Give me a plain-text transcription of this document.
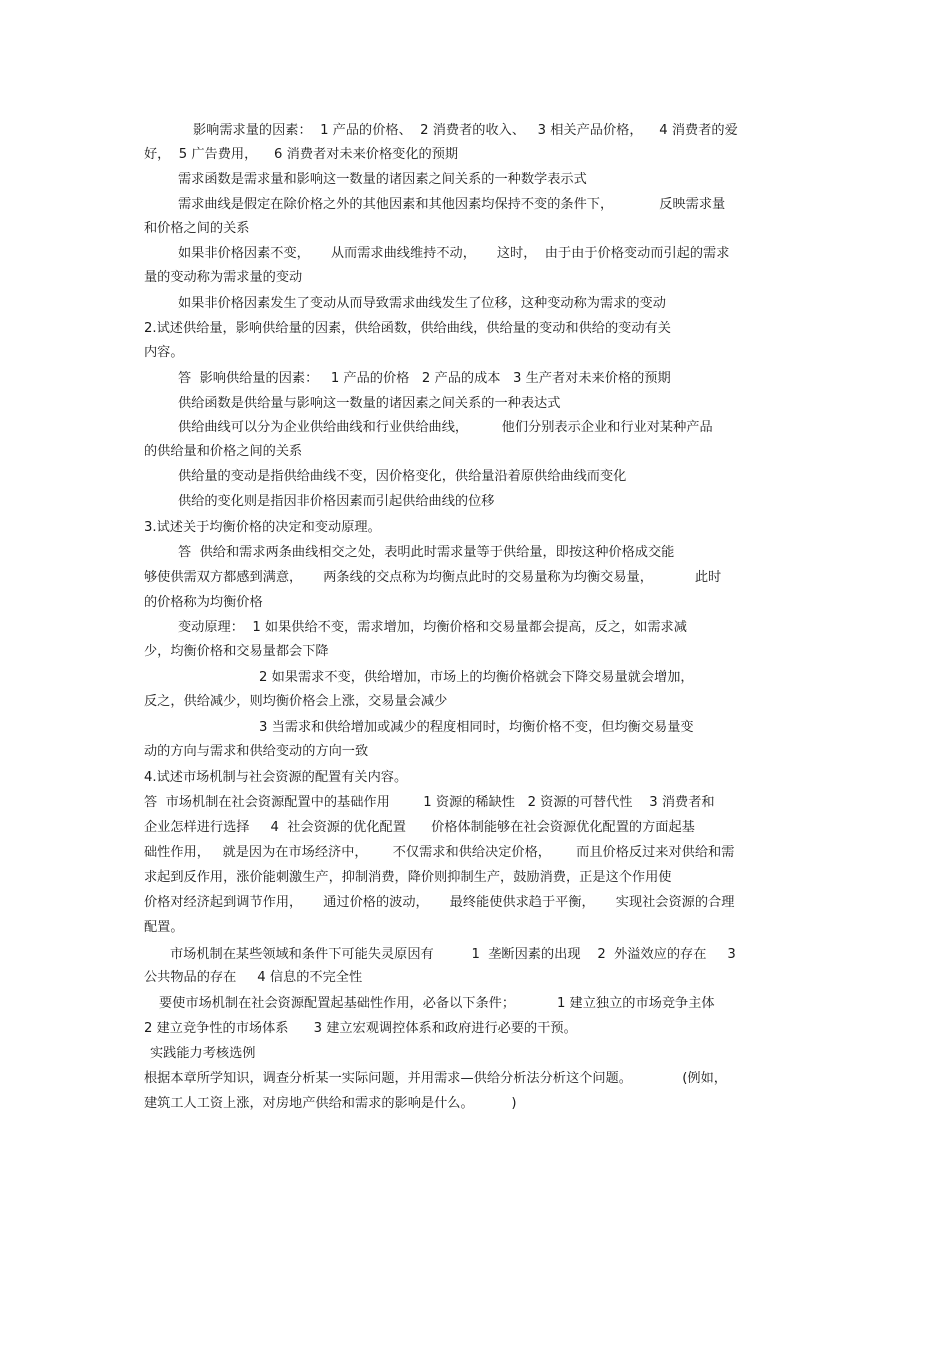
影响需求量的因素：  1 产品的价格、  2 消费者的收入、   3 相关产品价格，    4 消费者的爱
好，  5 广告费用，    6 消费者对未来价格变化的预期
需求函数是需求量和影响这一数量的诸因素之间关系的一种数学表示式
需求曲线是假定在除价格之外的其他因素和其他因素均保持不变的条件下，           反映需求量
和价格之间的关系
如果非价格因素不变，     从而需求曲线维持不动，     这时，  由于由于价格变动而引起的需求
量的变动称为需求量的变动
如果非价格因素发生了变动从而导致需求曲线发生了位移，这种变动称为需求的变动
2.试述供给量，影响供给量的因素，供给函数，供给曲线，供给量的变动和供给的变动有关
内容。
答  影响供给量的因素：   1 产品的价格   2 产品的成本   3 生产者对未来价格的预期
供给函数是供给量与影响这一数量的诸因素之间关系的一种表达式
供给曲线可以分为企业供给曲线和行业供给曲线，        他们分别表示企业和行业对某种产品
的供给量和价格之间的关系
供给量的变动是指供给曲线不变，因价格变化，供给量沿着原供给曲线而变化
供给的变化则是指因非价格因素而引起供给曲线的位移
3.试述关于均衡价格的决定和变动原理。
答  供给和需求两条曲线相交之处，表明此时需求量等于供给量，即按这种价格成交能
够使供需双方都感到满意，     两条线的交点称为均衡点此时的交易量称为均衡交易量，          此时
的价格称为均衡价格
变动原理：  1 如果供给不变，需求增加，均衡价格和交易量都会提高，反之，如需求减
少，均衡价格和交易量都会下降
2 如果需求不变，供给增加，市场上的均衡价格就会下降交易量就会增加，
反之，供给减少，则均衡价格会上涨，交易量会减少
3 当需求和供给增加或减少的程度相同时，均衡价格不变，但均衡交易量变
动的方向与需求和供给变动的方向一致
4.试述市场机制与社会资源的配置有关内容。
答  市场机制在社会资源配置中的基础作用        1 资源的稀缺性   2 资源的可替代性    3 消费者和
企业怎样进行选择     4  社会资源的优化配置      价格体制能够在社会资源优化配置的方面起基
础性作用，   就是因为在市场经济中，      不仅需求和供给决定价格，      而且价格反过来对供给和需
求起到反作用，涨价能刺激生产，抑制消费，降价则抑制生产，鼓励消费，正是这个作用使
价格对经济起到调节作用，     通过价格的波动，     最终能使供求趋于平衡，     实现社会资源的合理
配置。
市场机制在某些领域和条件下可能失灵原因有         1  垄断因素的出现    2  外溢效应的存在     3
公共物品的存在     4 信息的不完全性
要使市场机制在社会资源配置起基础性作用，必备以下条件；          1 建立独立的市场竞争主体
2 建立竞争性的市场体系      3 建立宏观调控体系和政府进行必要的干预。
实践能力考核选例
根据本章所学知识，调查分析某一实际问题，并用需求—供给分析法分析这个问题。            (例如，
建筑工人工资上涨，对房地产供给和需求的影响是什么。         )
